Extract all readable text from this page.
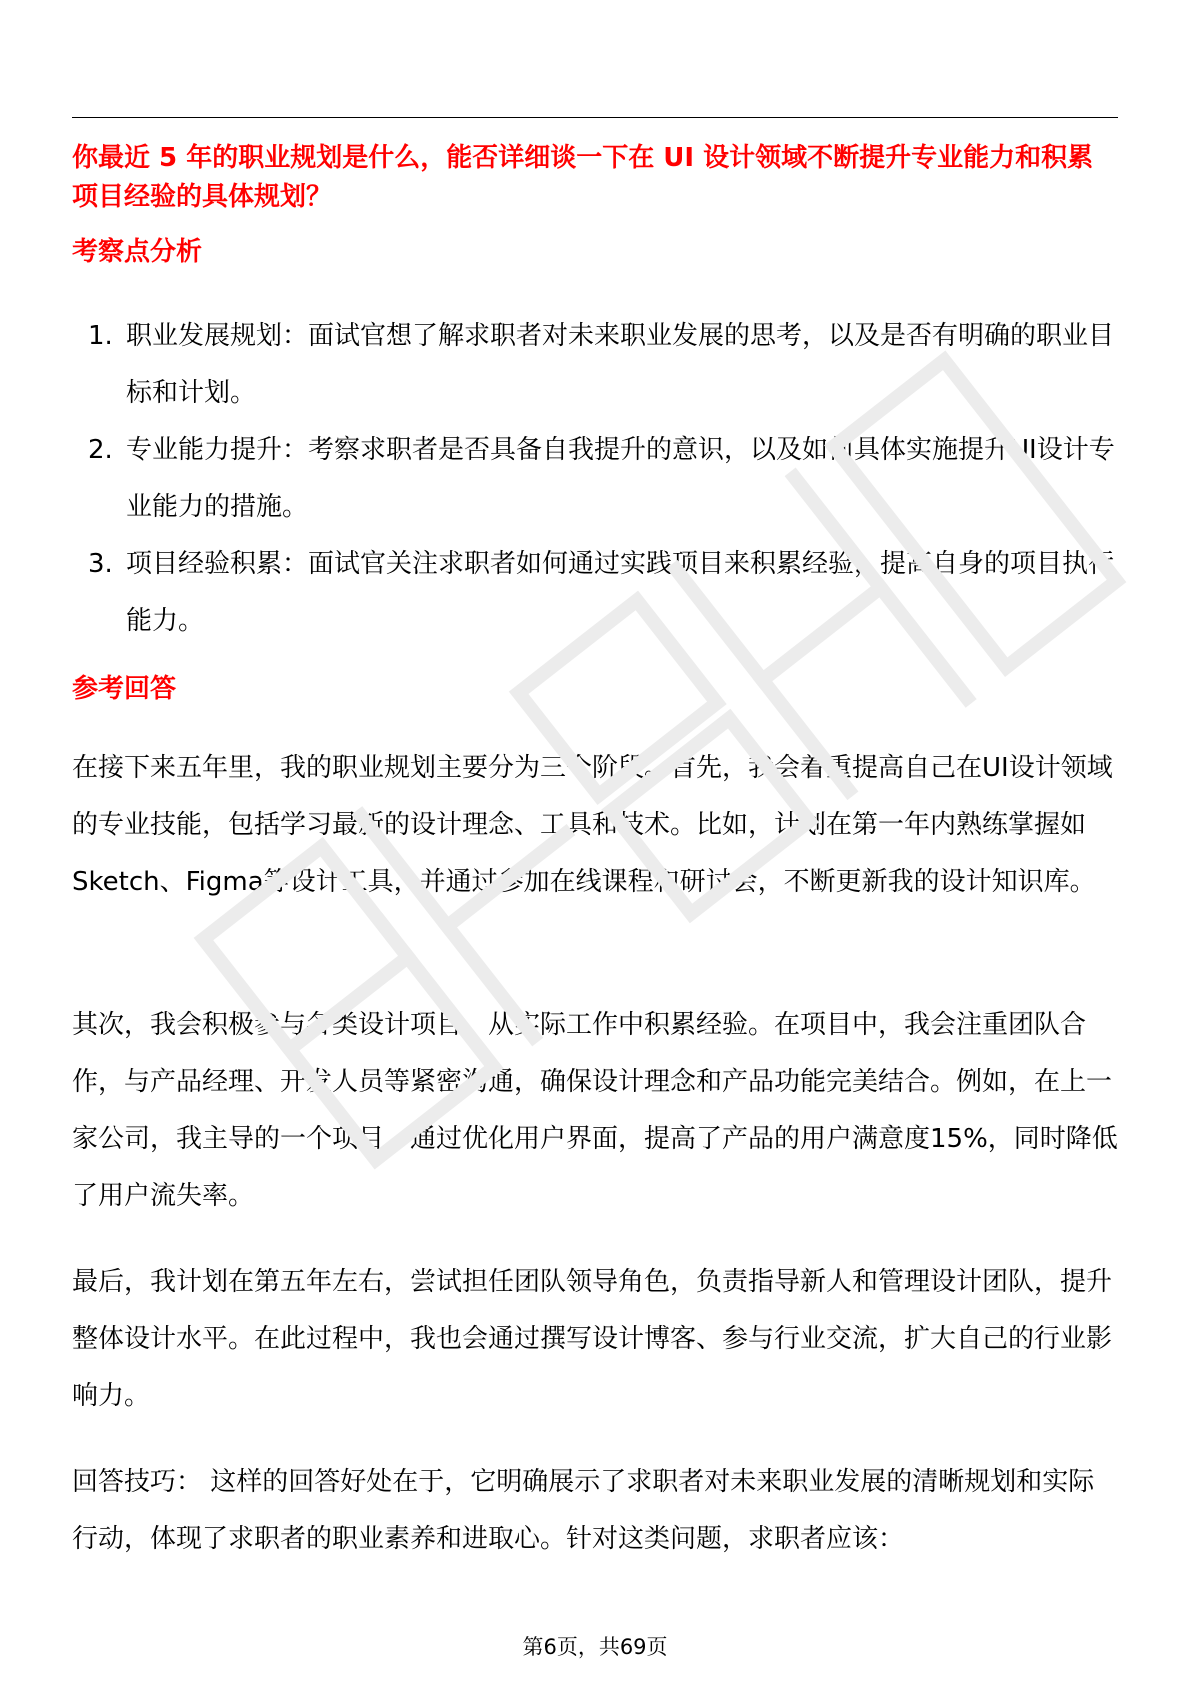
你最近 5 年的职业规划是什么，能否详细谈一下在 UI 设计领域不断提升专业能力和积累项目经验的具体规划？
考察点分析
1. 职业发展规划：面试官想了解求职者对未来职业发展的思考，以及是否有明确的职业目标和计划。
2. 专业能力提升：考察求职者是否具备自我提升的意识，以及如何具体实施提升UI设计专业能力的措施。
3. 项目经验积累：面试官关注求职者如何通过实践项目来积累经验，提高自身的项目执行能力。
参考回答

在接下来五年里，我的职业规划主要分为三个阶段。首先，我会着重提高自己在UI设计领域的专业技能，包括学习最新的设计理念、工具和技术。比如，计划在第一年内熟练掌握如Sketch、Figma等设计工具，并通过参加在线课程和研讨会，不断更新我的设计知识库。

其次，我会积极参与各类设计项目，从实际工作中积累经验。在项目中，我会注重团队合作，与产品经理、开发人员等紧密沟通，确保设计理念和产品功能完美结合。例如，在上一家公司，我主导的一个项目，通过优化用户界面，提高了产品的用户满意度15%，同时降低了用户流失率。

最后，我计划在第五年左右，尝试担任团队领导角色，负责指导新人和管理设计团队，提升整体设计水平。在此过程中，我也会通过撰写设计博客、参与行业交流，扩大自己的行业影响力。

回答技巧： 这样的回答好处在于，它明确展示了求职者对未来职业发展的清晰规划和实际行动，体现了求职者的职业素养和进取心。针对这类问题，求职者应该：

第6页，共69页
